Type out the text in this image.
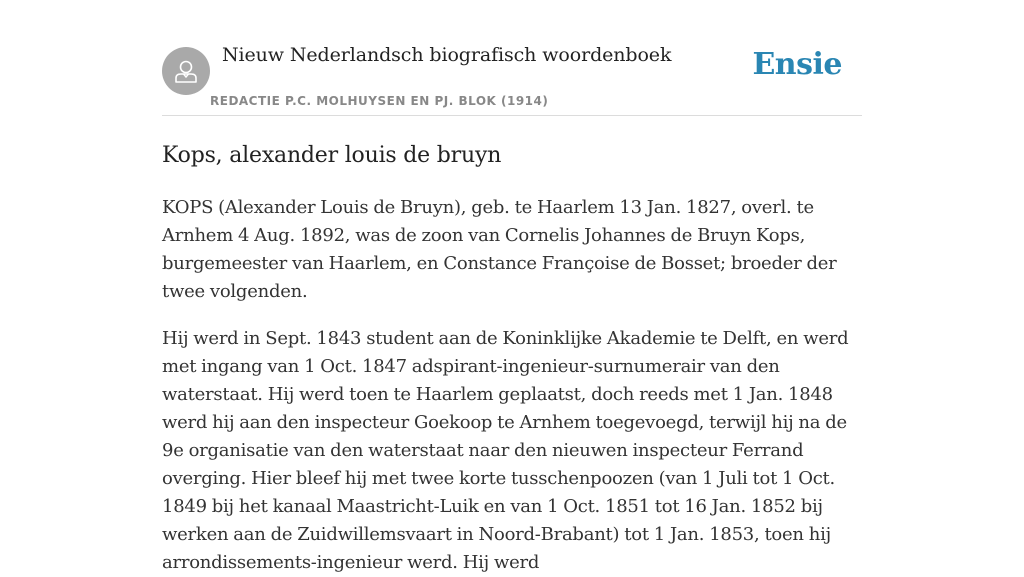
Nieuw Nederlandsch biografisch woordenboek
REDACTIE P.C. MOLHUYSEN EN PJ. BLOK (1914)
Ensie
Kops, alexander louis de bruyn

KOPS (Alexander Louis de Bruyn), geb. te Haarlem 13 Jan. 1827, overl. te Arnhem 4 Aug. 1892, was de zoon van Cornelis Johannes de Bruyn Kops, burgemeester van Haarlem, en Constance Françoise de Bosset; broeder der twee volgenden.

Hij werd in Sept. 1843 student aan de Koninklijke Akademie te Delft, en werd met ingang van 1 Oct. 1847 adspirant-ingenieur-surnumerair van den waterstaat. Hij werd toen te Haarlem geplaatst, doch reeds met 1 Jan. 1848 werd hij aan den inspecteur Goekoop te Arnhem toegevoegd, terwijl hij na de 9e organisatie van den waterstaat naar den nieuwen inspecteur Ferrand overging. Hier bleef hij met twee korte tusschenpoozen (van 1 Juli tot 1 Oct. 1849 bij het kanaal Maastricht-Luik en van 1 Oct. 1851 tot 16 Jan. 1852 bij werken aan de Zuidwillemsvaart in Noord-Brabant) tot 1 Jan. 1853, toen hij arrondissements-ingenieur werd. Hij werd
